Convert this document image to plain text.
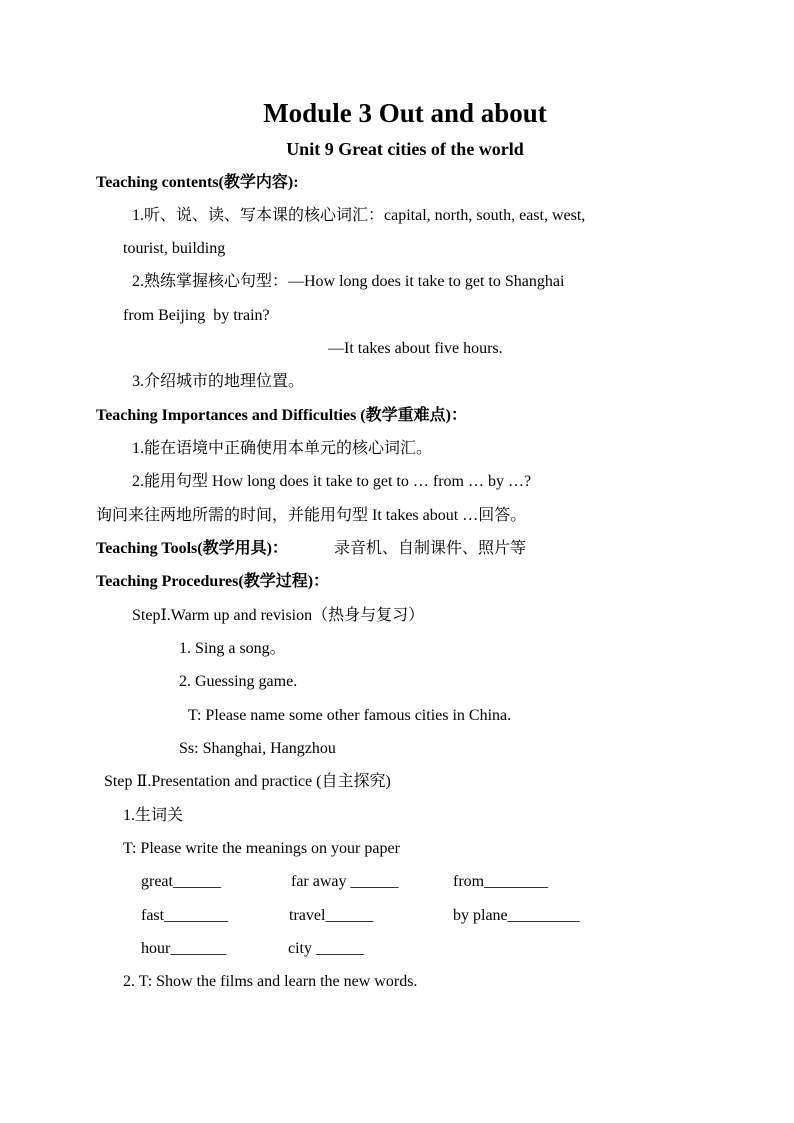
Module 3 Out and about
Unit 9 Great cities of the world
Teaching contents(教学内容):
1.听、说、读、写本课的核心词汇：capital, north, south, east, west,
tourist, building
2.熟练掌握核心句型：—How long does it take to get to Shanghai
from Beijing  by train?
—It takes about five hours.
3.介绍城市的地理位置。
Teaching Importances and Difficulties (教学重难点)：
1.能在语境中正确使用本单元的核心词汇。
2.能用句型 How long does it take to get to … from … by …?
询问来往两地所需的时间，并能用句型 It takes about …回答。
Teaching Tools(教学用具)：	录音机、自制课件、照片等
Teaching Procedures(教学过程)：
StepⅠ.Warm up and revision（热身与复习）
1. Sing a song。
2. Guessing game.
T: Please name some other famous cities in China.
Ss: Shanghai, Hangzhou
Step Ⅱ.Presentation and practice (自主探究)
1.生词关
T: Please write the meanings on your paper
great______	far away ______	from________
fast________	travel______	by plane_________
hour_______	city ______
2. T: Show the films and learn the new words.
